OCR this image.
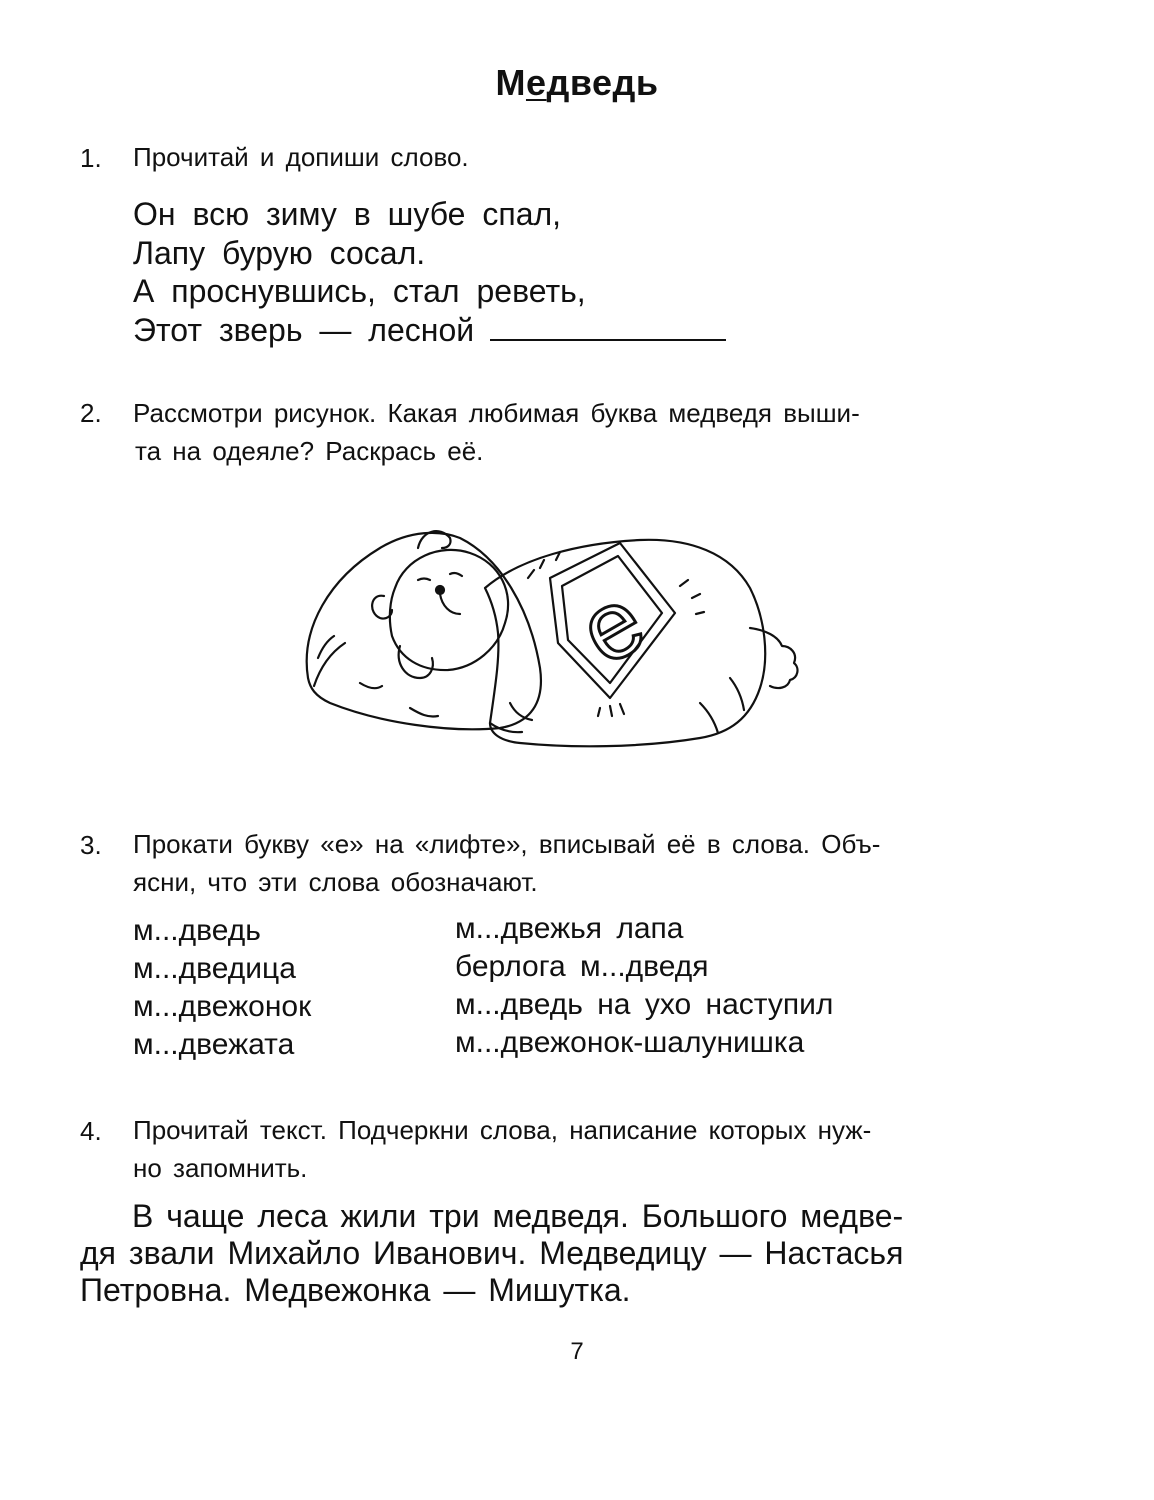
Медведь
1. Прочитай и допиши слово.
Он всю зиму в шубе спал,
Лапу бурую сосал.
А проснувшись, стал реветь,
Этот зверь — лесной
2. Рассмотри рисунок. Какая любимая буква медведя выши-
та на одеяле? Раскрась её.
е
3. Прокати букву «е» на «лифте», вписывай её в слова. Объ-
ясни, что эти слова обозначают.
м...дведь
м...дведица
м...двежонок
м...двежата
м...двежья лапа
берлога м...дведя
м...дведь на ухо наступил
м...двежонок-шалунишка
4. Прочитай текст. Подчеркни слова, написание которых нуж-
но запомнить.
В чаще леса жили три медведя. Большого медве-
дя звали Михайло Иванович. Медведицу — Настасья
Петровна. Медвежонка — Мишутка.
7
